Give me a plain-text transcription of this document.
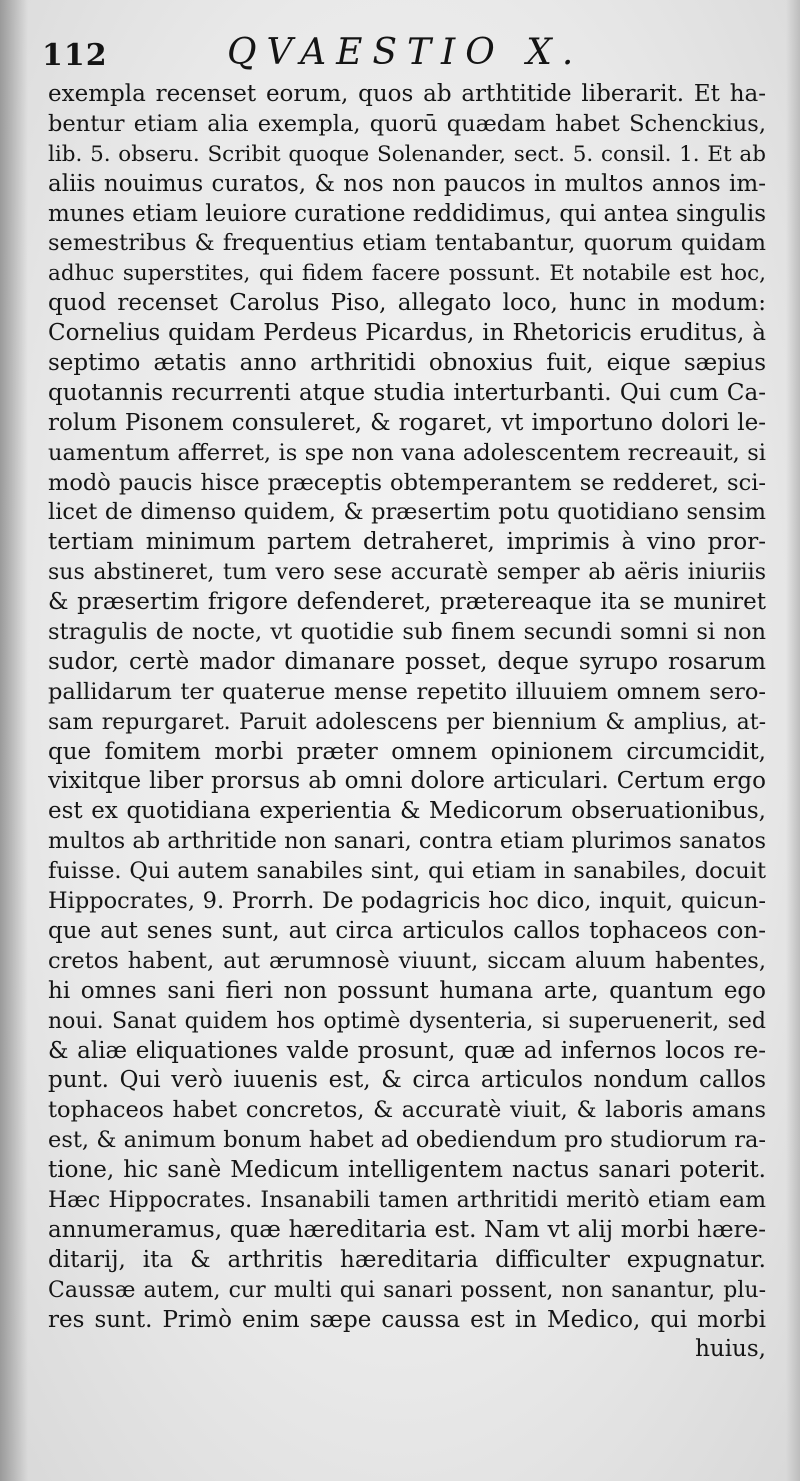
112	QVAESTIO X.
exempla recenset eorum, quos ab arthtitide liberarit. Et ha-
bentur etiam alia exempla, quorū quædam habet Schenckius,
lib. 5. obseru. Scribit quoque Solenander, sect. 5. consil. 1. Et ab
aliis nouimus curatos, & nos non paucos in multos annos im-
munes etiam leuiore curatione reddidimus, qui antea singulis
semestribus & frequentius etiam tentabantur, quorum quidam
adhuc superstites, qui fidem facere possunt. Et notabile est hoc,
quod recenset Carolus Piso, allegato loco, hunc in modum:
Cornelius quidam Perdeus Picardus, in Rhetoricis eruditus, à
septimo ætatis anno arthritidi obnoxius fuit, eique sæpius
quotannis recurrenti atque studia interturbanti. Qui cum Ca-
rolum Pisonem consuleret, & rogaret, vt importuno dolori le-
uamentum afferret, is spe non vana adolescentem recreauit, si
modò paucis hisce præceptis obtemperantem se redderet, sci-
licet de dimenso quidem, & præsertim potu quotidiano sensim
tertiam minimum partem detraheret, imprimis à vino pror-
sus abstineret, tum vero sese accuratè semper ab aëris iniuriis
& præsertim frigore defenderet, prætereaque ita se muniret
stragulis de nocte, vt quotidie sub finem secundi somni si non
sudor, certè mador dimanare posset, deque syrupo rosarum
pallidarum ter quaterue mense repetito illuuiem omnem sero-
sam repurgaret. Paruit adolescens per biennium & amplius, at-
que fomitem morbi præter omnem opinionem circumcidit,
vixitque liber prorsus ab omni dolore articulari. Certum ergo
est ex quotidiana experientia & Medicorum obseruationibus,
multos ab arthritide non sanari, contra etiam plurimos sanatos
fuisse. Qui autem sanabiles sint, qui etiam in sanabiles, docuit
Hippocrates, 9. Prorrh. De podagricis hoc dico, inquit, quicun-
que aut senes sunt, aut circa articulos callos tophaceos con-
cretos habent, aut ærumnosè viuunt, siccam aluum habentes,
hi omnes sani fieri non possunt humana arte, quantum ego
noui. Sanat quidem hos optimè dysenteria, si superuenerit, sed
& aliæ eliquationes valde prosunt, quæ ad infernos locos re-
punt. Qui verò iuuenis est, & circa articulos nondum callos
tophaceos habet concretos, & accuratè viuit, & laboris amans
est, & animum bonum habet ad obediendum pro studiorum ra-
tione, hic sanè Medicum intelligentem nactus sanari poterit.
Hæc Hippocrates. Insanabili tamen arthritidi meritò etiam eam
annumeramus, quæ hæreditaria est. Nam vt alij morbi hære-
ditarij, ita & arthritis hæreditaria difficulter expugnatur.
Caussæ autem, cur multi qui sanari possent, non sanantur, plu-
res sunt. Primò enim sæpe caussa est in Medico, qui morbi
huius,
